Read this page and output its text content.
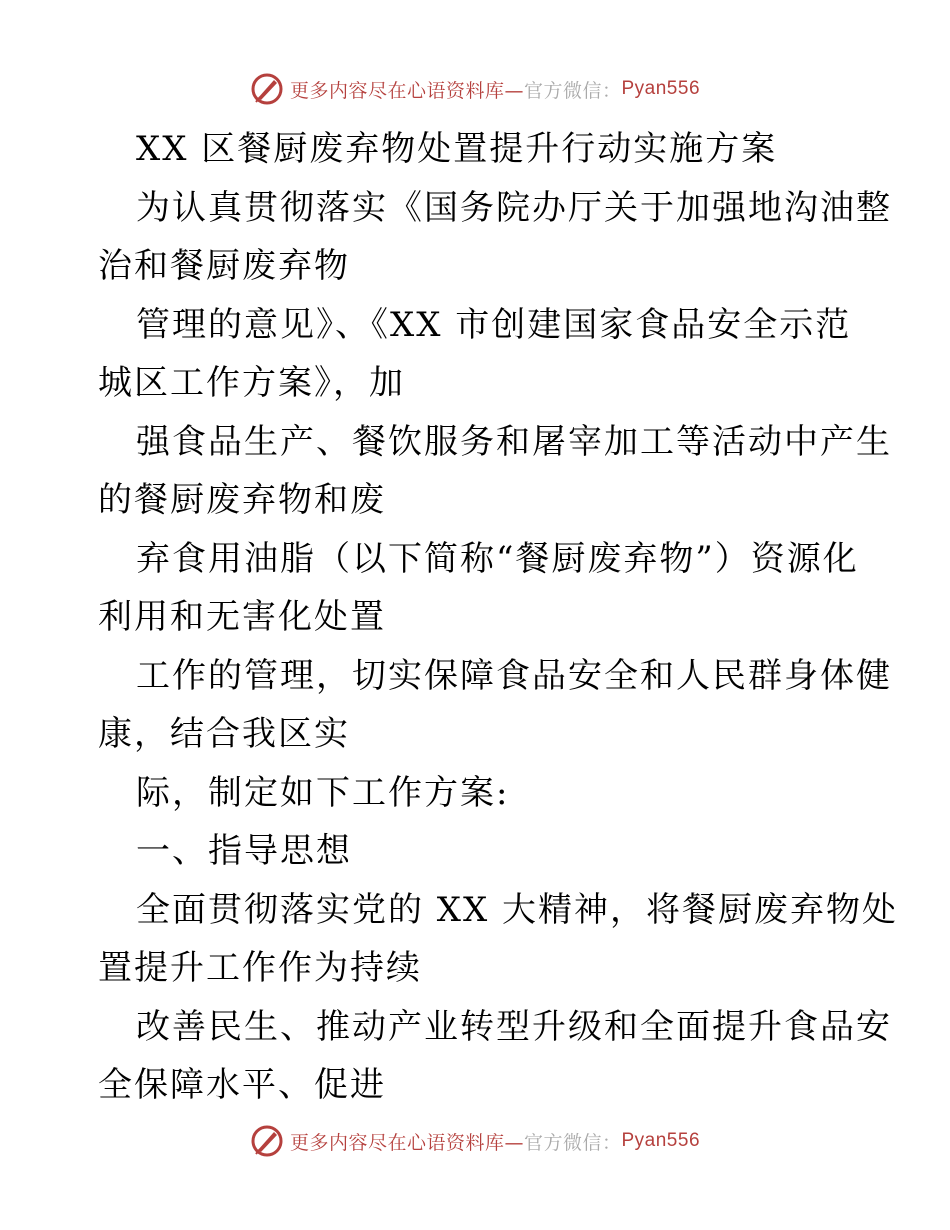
更多内容尽在心语资料库— 官方微信： Pyan556
XX 区餐厨废弃物处置提升行动实施方案
为认真贯彻落实《国务院办厅关于加强地沟油整
治和餐厨废弃物
管理的意见》、《XX 市创建国家食品安全示范
城区工作方案》，加
强食品生产、餐饮服务和屠宰加工等活动中产生
的餐厨废弃物和废
弃食用油脂（以下简称“餐厨废弃物”）资源化
利用和无害化处置
工作的管理，切实保障食品安全和人民群身体健
康，结合我区实
际，制定如下工作方案:
一、指导思想
全面贯彻落实党的 XX 大精神，将餐厨废弃物处
置提升工作作为持续
改善民生、推动产业转型升级和全面提升食品安
全保障水平、促进
更多内容尽在心语资料库— 官方微信： Pyan556
